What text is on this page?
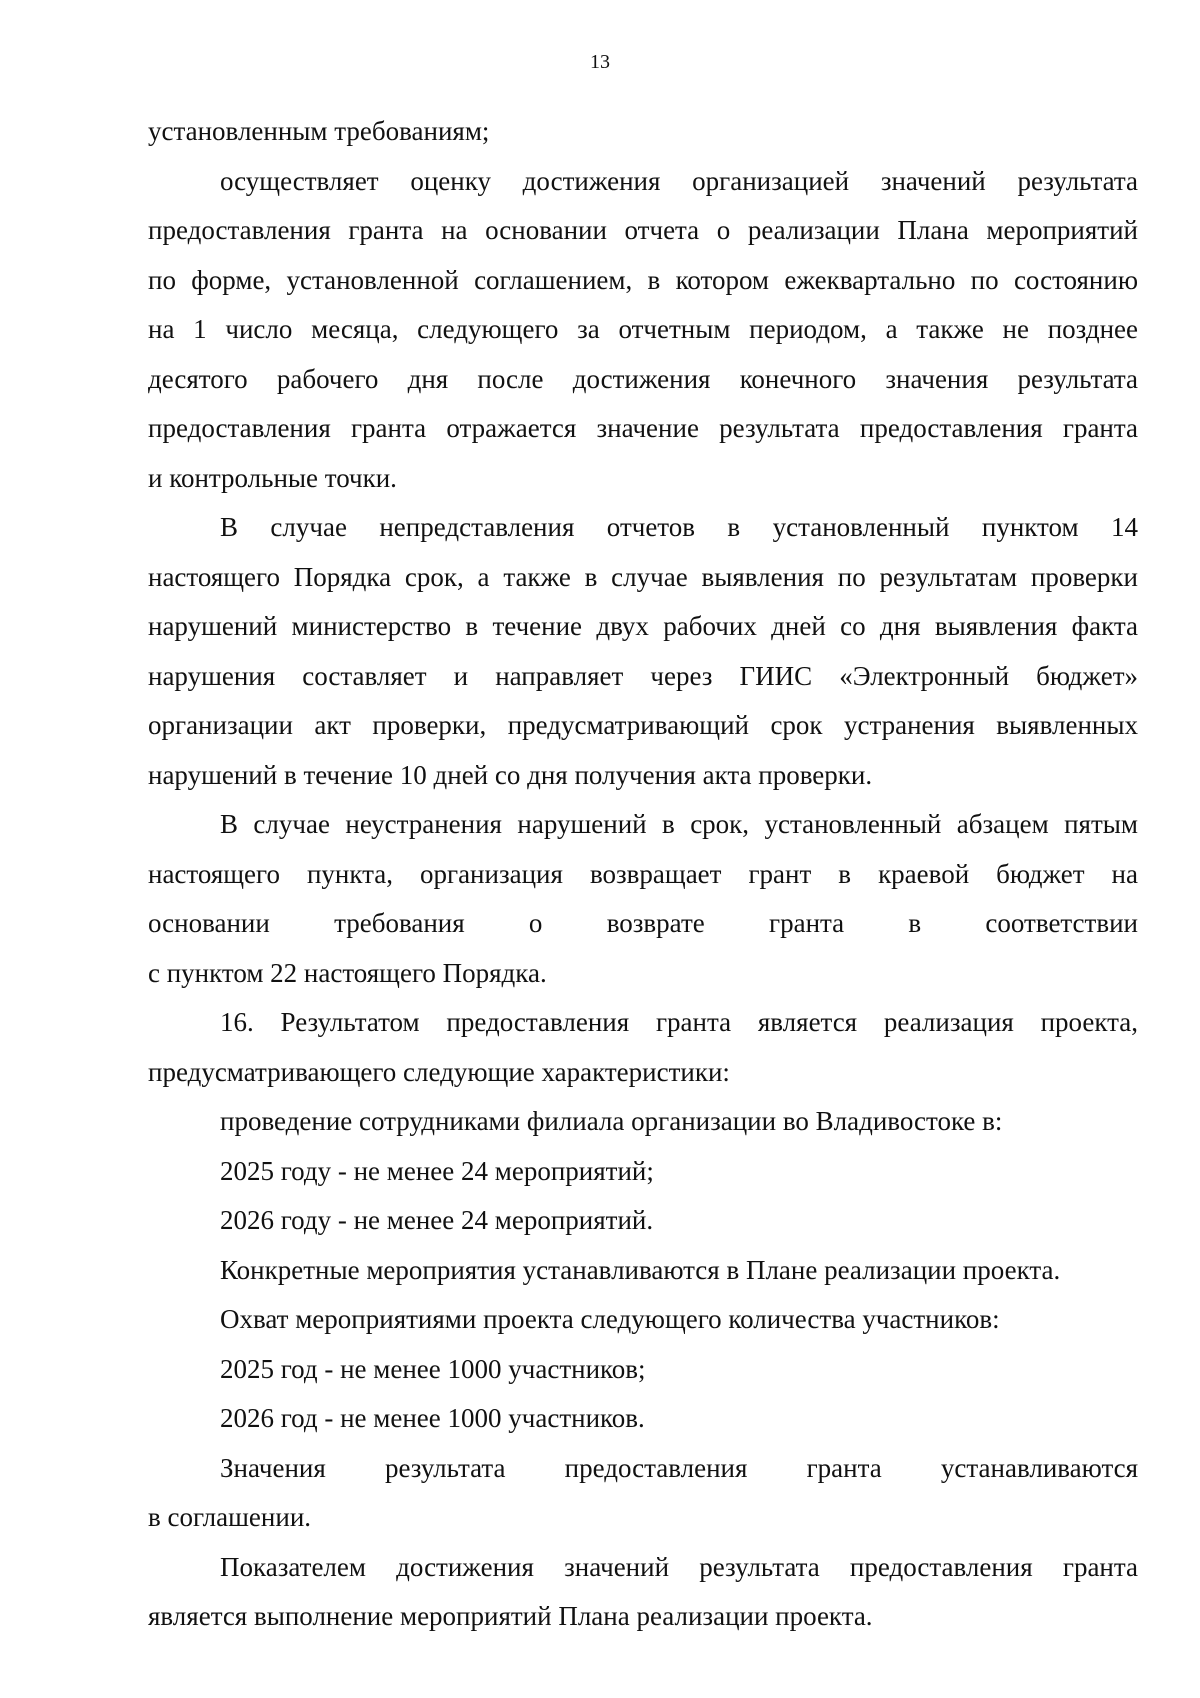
13
установленным требованиям;
осуществляет оценку достижения организацией значений результата
предоставления гранта на основании отчета о реализации Плана мероприятий
по форме, установленной соглашением, в котором ежеквартально по состоянию
на 1 число месяца, следующего за отчетным периодом, а также не позднее
десятого рабочего дня после достижения конечного значения результата
предоставления гранта отражается значение результата предоставления гранта
и контрольные точки.
В случае непредставления отчетов в установленный пунктом 14
настоящего Порядка срок, а также в случае выявления по результатам проверки
нарушений министерство в течение двух рабочих дней со дня выявления факта
нарушения составляет и направляет через ГИИС «Электронный бюджет»
организации акт проверки, предусматривающий срок устранения выявленных
нарушений в течение 10 дней со дня получения акта проверки.
В случае неустранения нарушений в срок, установленный абзацем пятым
настоящего пункта, организация возвращает грант в краевой бюджет на
основании требования о возврате гранта в соответствии
с пунктом 22 настоящего Порядка.
16. Результатом предоставления гранта является реализация проекта,
предусматривающего следующие характеристики:
проведение сотрудниками филиала организации во Владивостоке в:
2025 году - не менее 24 мероприятий;
2026 году - не менее 24 мероприятий.
Конкретные мероприятия устанавливаются в Плане реализации проекта.
Охват мероприятиями проекта следующего количества участников:
2025 год - не менее 1000 участников;
2026 год - не менее 1000 участников.
Значения результата предоставления гранта устанавливаются
в соглашении.
Показателем достижения значений результата предоставления гранта
является выполнение мероприятий Плана реализации проекта.
